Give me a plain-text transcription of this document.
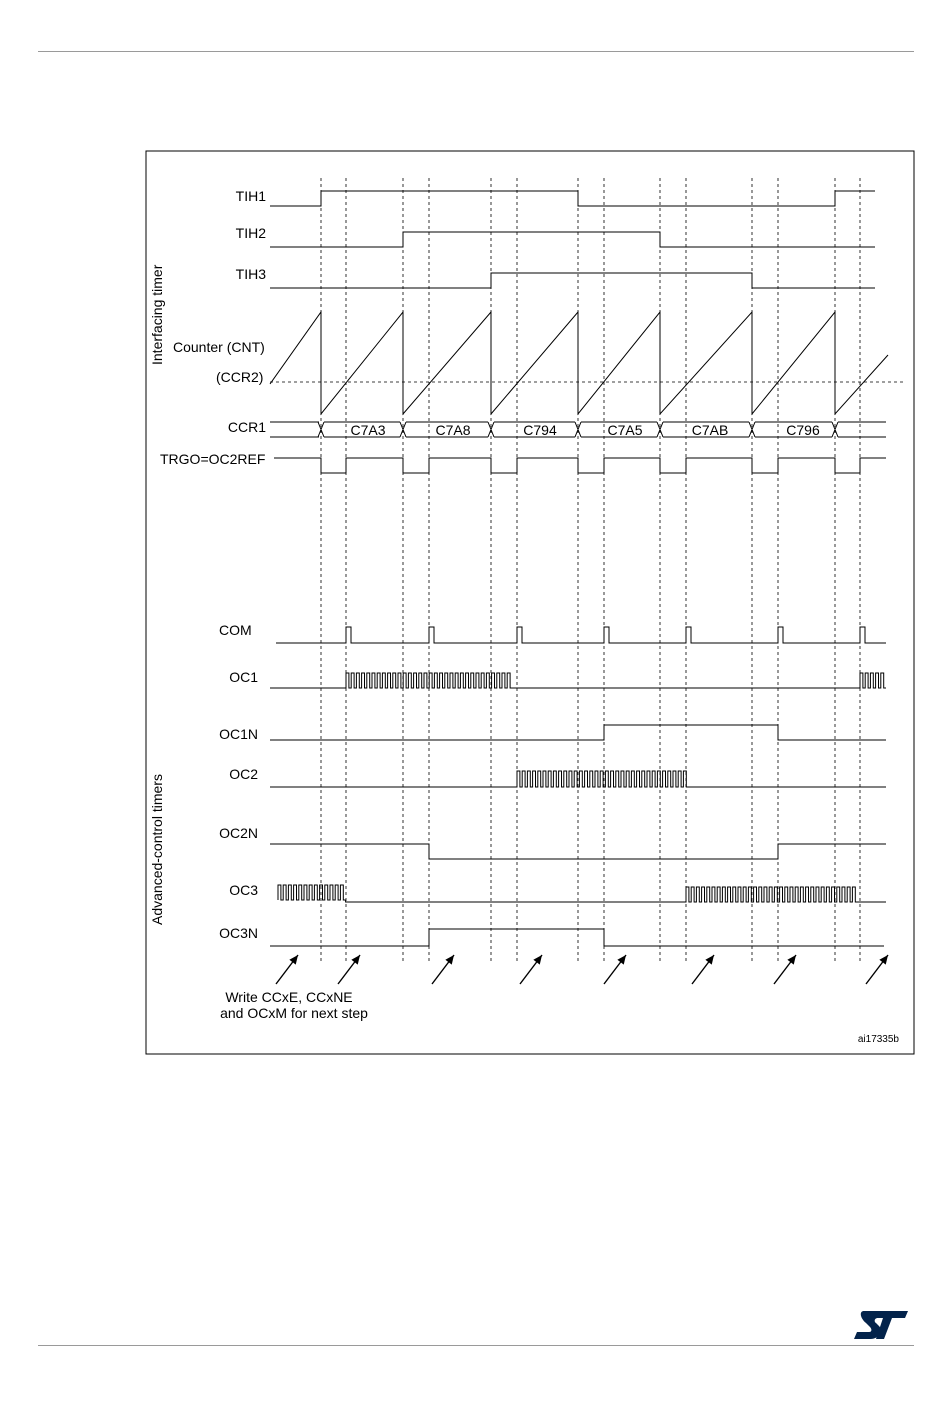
Interfacing timer
Advanced-control timers
TIH1
TIH2
TIH3
Counter (CNT)
(CCR2)
CCR1
TRGO=OC2REF
COM
OC1
OC1N
OC2
OC2N
OC3
OC3N
C7A3	C7A8	C794	C7A5	C7AB	C796
Write CCxE, CCxNE
and OCxM for next step
ai17335b
